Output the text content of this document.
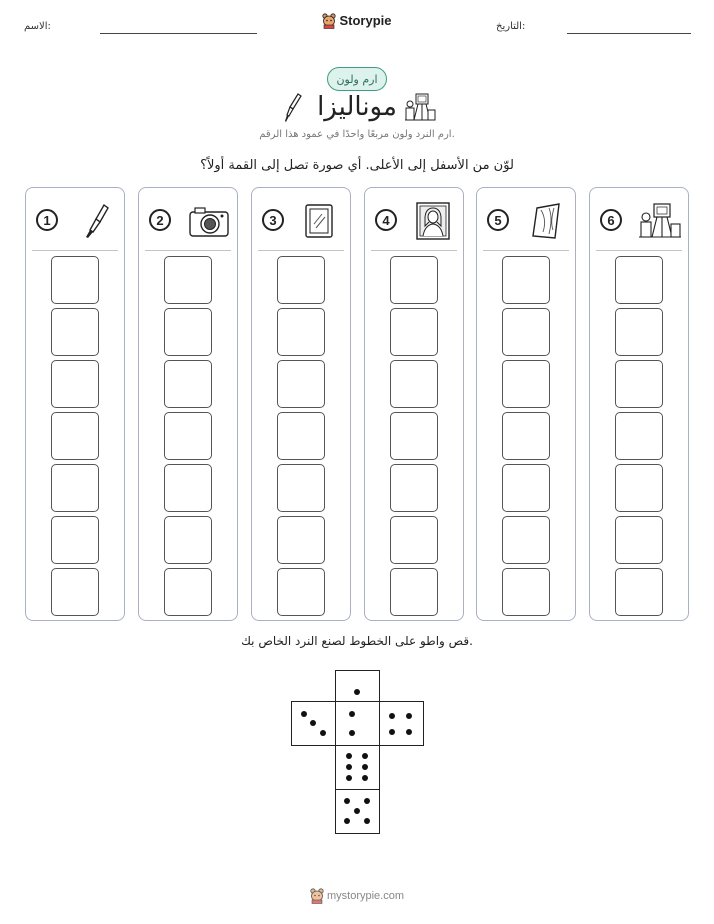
الاسم:	التاريخ:
Storypie
ارم ولون
موناليزا
ارم النرد ولون مربعًا واحدًا في عمود هذا الرقم.
لوّن من الأسفل إلى الأعلى. أي صورة تصل إلى القمة أولاً؟
1	2	3	4	5	6
قص واطو على الخطوط لصنع النرد الخاص بك.
mystorypie.com
